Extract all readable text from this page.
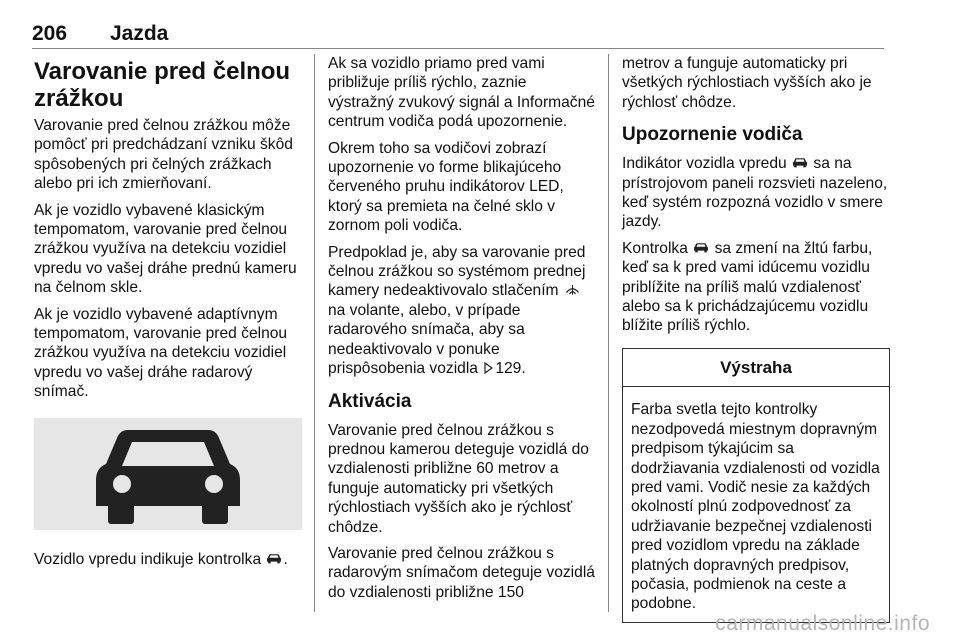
206 Jazda
Varovanie pred čelnou zrážkou

Varovanie pred čelnou zrážkou môže pomôcť pri predchádzaní vzniku škôd spôsobených pri čelných zrážkach alebo pri ich zmierňovaní.

Ak je vozidlo vybavené klasickým tempomatom, varovanie pred čelnou zrážkou využíva na detekciu vozidiel vpredu vo vašej dráhe prednú kameru na čelnom skle.

Ak je vozidlo vybavené adaptívnym tempomatom, varovanie pred čelnou zrážkou využíva na detekciu vozidiel vpredu vo vašej dráhe radarový snímač.

Vozidlo vpredu indikuje kontrolka .

Ak sa vozidlo priamo pred vami približuje príliš rýchlo, zaznie výstražný zvukový signál a Informačné centrum vodiča podá upozornenie.

Okrem toho sa vodičovi zobrazí upozornenie vo forme blikajúceho červeného pruhu indikátorov LED, ktorý sa premieta na čelné sklo v zornom poli vodiča.

Predpoklad je, aby sa varovanie pred čelnou zrážkou so systémom prednej kamery nedeaktivovalo stlačením  na volante, alebo, v prípade radarového snímača, aby sa nedeaktivovalo v ponuke prispôsobenia vozidla 129.

Aktivácia

Varovanie pred čelnou zrážkou s prednou kamerou deteguje vozidlá do vzdialenosti približne 60 metrov a funguje automaticky pri všetkých rýchlostiach vyšších ako je rýchlosť chôdze.

Varovanie pred čelnou zrážkou s radarovým snímačom deteguje vozidlá do vzdialenosti približne 150

metrov a funguje automaticky pri všetkých rýchlostiach vyšších ako je rýchlosť chôdze.

Upozornenie vodiča

Indikátor vozidla vpredu sa na prístrojovom paneli rozsvieti nazeleno, keď systém rozpozná vozidlo v smere jazdy.

Kontrolka sa zmení na žltú farbu, keď sa k pred vami idúcemu vozidlu priblížite na príliš malú vzdialenosť alebo sa k prichádzajúcemu vozidlu blížite príliš rýchlo.

Výstraha
Farba svetla tejto kontrolky nezodpovedá miestnym dopravným predpisom týkajúcim sa dodržiavania vzdialenosti od vozidla pred vami. Vodič nesie za každých okolností plnú zodpovednosť za udržiavanie bezpečnej vzdialenosti pred vozidlom vpredu na základe platných dopravných predpisov, počasia, podmienok na ceste a podobne.
carmanualsonline.info
